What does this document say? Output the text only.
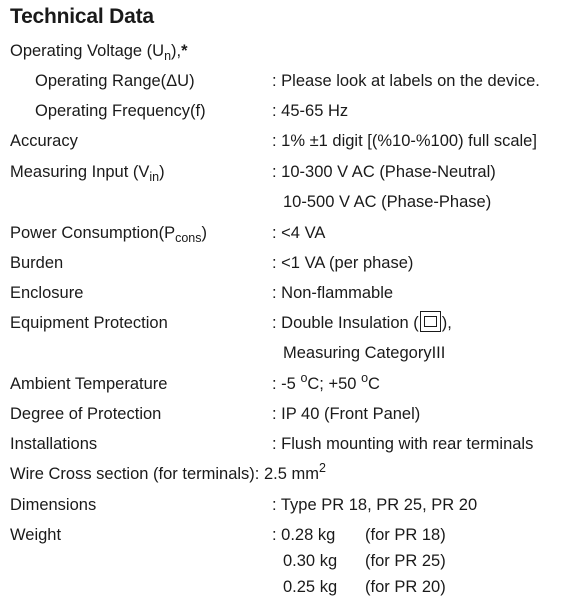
Technical Data
Operating Voltage $(U_n),*$
Operating Range(ΔU)	: Please look at labels on the device.
Operating Frequency(f)	: 45-65 Hz
Accuracy	: 1% ±1 digit [(%10-%100) full scale]
Measuring Input $(V_{in})$	: 10-300 V AC (Phase-Neutral)
10-500 V AC (Phase-Phase)
Power $Consumption(P_{cons})$	: <4 VA
Burden	: <1 VA (per phase)
Enclosure	: Non-flammable
Equipment Protection	: Double Insulation ( ),
Measuring CategoryIII
Ambient Temperature	: -5 $^o$C; +50 $^o$C
Degree of Protection	: IP 40 (Front Panel)
Installations	: Flush mounting with rear terminals
Wire Cross section (for terminals): 2.5 $mm^2$
Dimensions	: Type PR 18, PR 25, PR 20
Weight	: 0.28 kg (for PR 18)
0.30 kg (for PR 25)
0.25 kg (for PR 20)
